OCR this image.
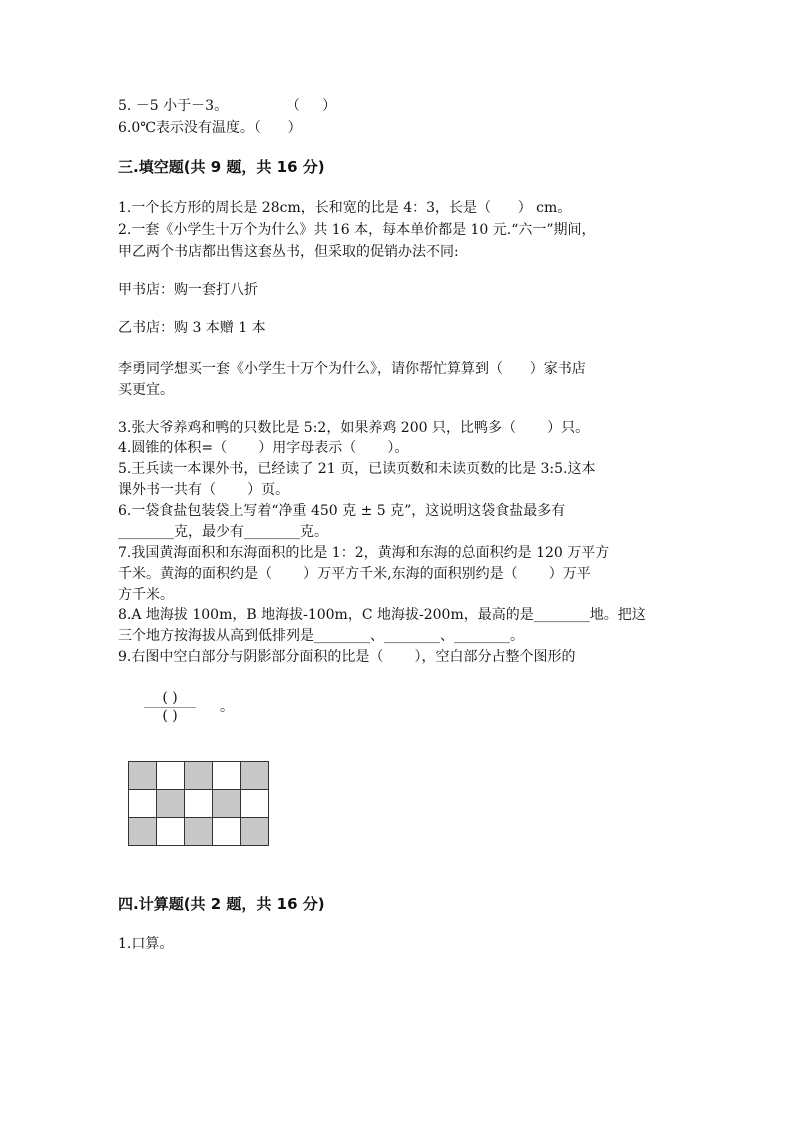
5. －5 小于－3。             （     ）
6.0℃表示没有温度。（      ）
三.填空题(共 9 题，共 16 分)
1.一个长方形的周长是 28cm，长和宽的比是 4：3，长是（      ） cm。
2.一套《小学生十万个为什么》共 16 本，每本单价都是 10 元.“六一”期间，
甲乙两个书店都出售这套丛书，但采取的促销办法不同:
甲书店：购一套打八折
乙书店：购 3 本赠 1 本
李勇同学想买一套《小学生十万个为什么》，请你帮忙算算到（      ）家书店
买更宜。
3.张大爷养鸡和鸭的只数比是 5:2，如果养鸡 200 只，比鸭多（       ）只。
4.圆锥的体积=（       ）用字母表示（       ）。
5.王兵读一本课外书，已经读了 21 页，已读页数和未读页数的比是 3:5.这本
课外书一共有（       ）页。
6.一袋食盐包装袋上写着“净重 450 克 ± 5 克”，这说明这袋食盐最多有
________克，最少有________克。
7.我国黄海面积和东海面积的比是 1：2，黄海和东海的总面积约是 120 万平方
千米。黄海的面积约是（       ）万平方千米,东海的面积别约是（       ）万平
方千米。
8.A 地海拔 100m，B 地海拔-100m，C 地海拔-200m，最高的是________地。把这
三个地方按海拔从高到低排列是________、________、________。
9.右图中空白部分与阴影部分面积的比是（       ），空白部分占整个图形的
( )
( )
。
四.计算题(共 2 题，共 16 分)
1.口算。
